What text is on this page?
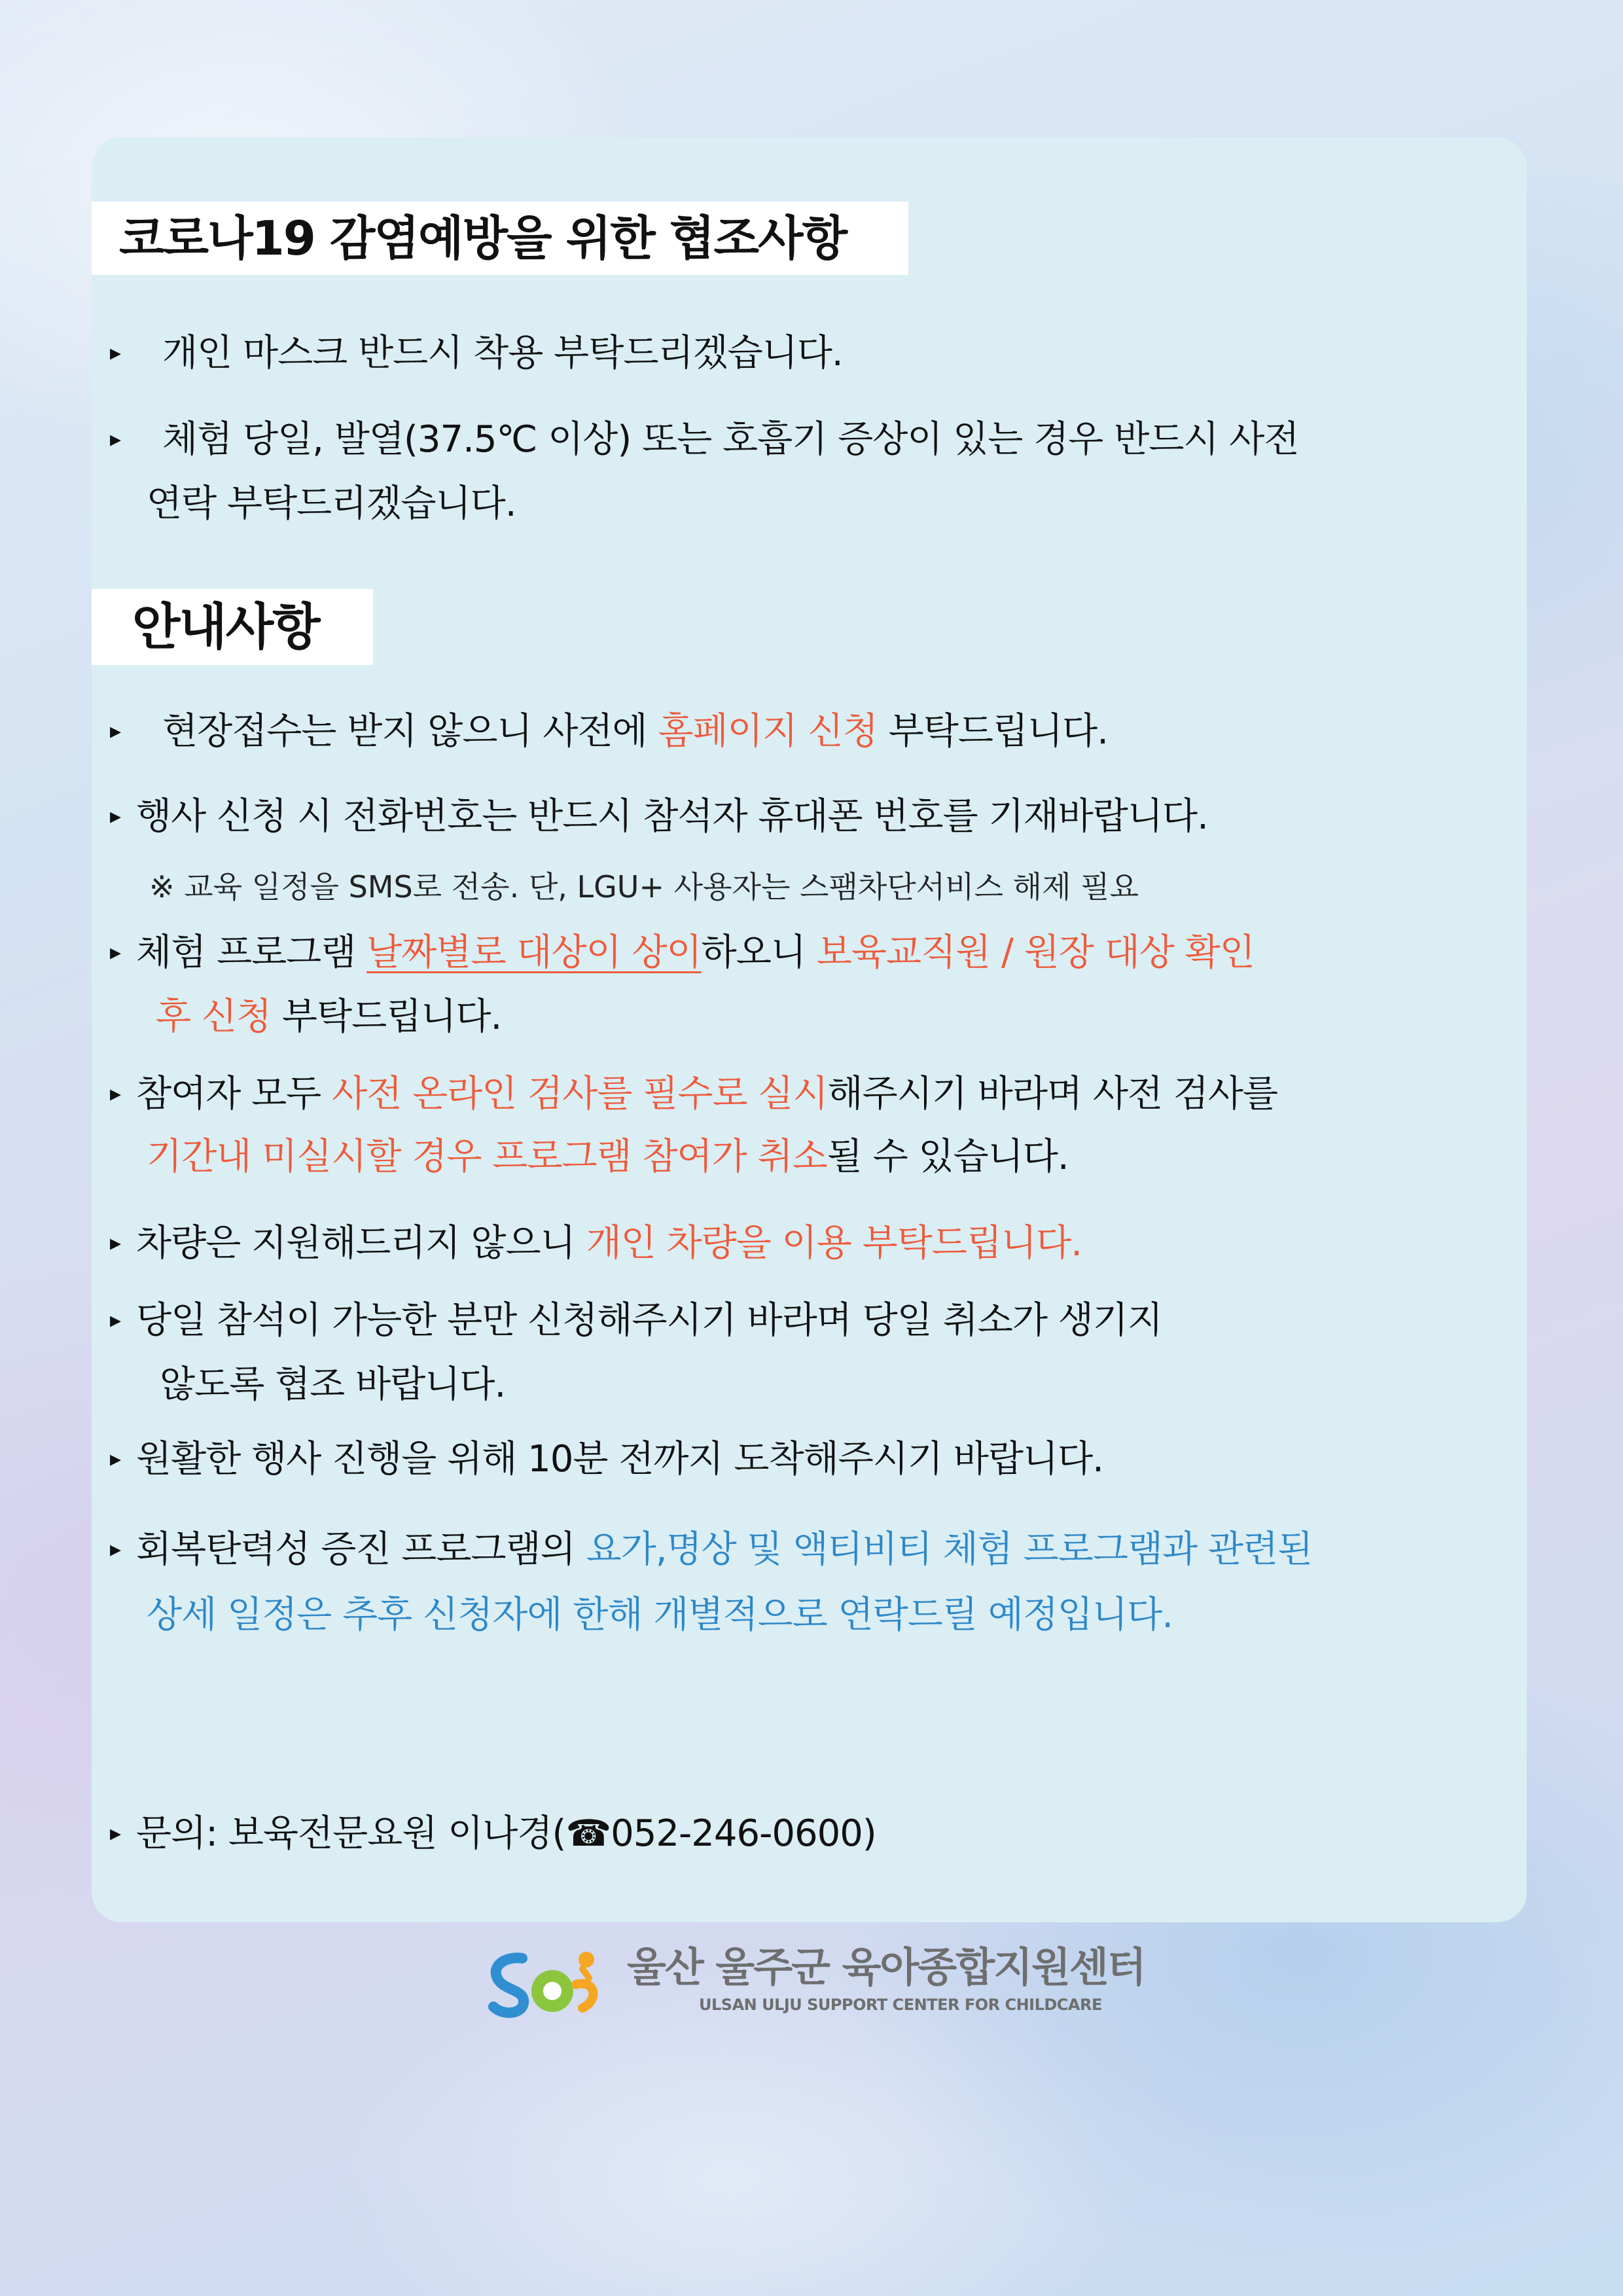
코로나19 감염예방을 위한 협조사항
▸ 개인 마스크 반드시 착용 부탁드리겠습니다.
▸ 체험 당일, 발열(37.5℃ 이상) 또는 호흡기 증상이 있는 경우 반드시 사전
연락 부탁드리겠습니다.
안내사항
▸ 현장접수는 받지 않으니 사전에 홈페이지 신청 부탁드립니다.
▸ 행사 신청 시 전화번호는 반드시 참석자 휴대폰 번호를 기재바랍니다.
※ 교육 일정을 SMS로 전송. 단, LGU+ 사용자는 스팸차단서비스 해제 필요
▸ 체험 프로그램 날짜별로 대상이 상이하오니 보육교직원 / 원장 대상 확인
후 신청 부탁드립니다.
▸ 참여자 모두 사전 온라인 검사를 필수로 실시해주시기 바라며 사전 검사를
기간내 미실시할 경우 프로그램 참여가 취소될 수 있습니다.
▸ 차량은 지원해드리지 않으니 개인 차량을 이용 부탁드립니다.
▸ 당일 참석이 가능한 분만 신청해주시기 바라며 당일 취소가 생기지
않도록 협조 바랍니다.
▸ 원활한 행사 진행을 위해 10분 전까지 도착해주시기 바랍니다.
▸ 회복탄력성 증진 프로그램의 요가,명상 및 액티비티 체험 프로그램과 관련된
상세 일정은 추후 신청자에 한해 개별적으로 연락드릴 예정입니다.
▸ 문의: 보육전문요원 이나경(☎052-246-0600)
울산 울주군 육아종합지원센터
ULSAN ULJU SUPPORT CENTER FOR CHILDCARE
